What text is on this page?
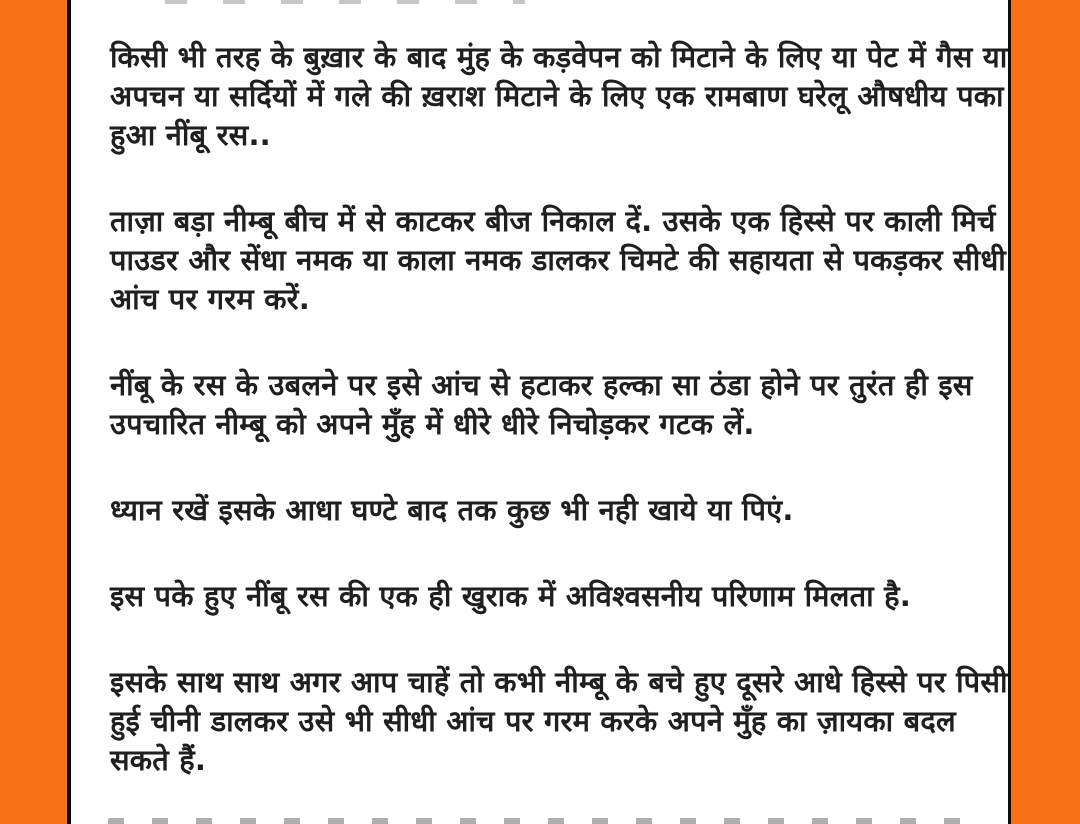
किसी भी तरह के बुख़ार के बाद मुंह के कड़वेपन को मिटाने के लिए या पेट में गैस या
अपचन या सर्दियों में गले की ख़राश मिटाने के लिए एक रामबाण घरेलू औषधीय पका
हुआ नींबू रस..
ताज़ा बड़ा नीम्बू बीच में से काटकर बीज निकाल दें. उसके एक हिस्से पर काली मिर्च
पाउडर और सेंधा नमक या काला नमक डालकर चिमटे की सहायता से पकड़कर सीधी
आंच पर गरम करें.
नींबू के रस के उबलने पर इसे आंच से हटाकर हल्का सा ठंडा होने पर तुरंत ही इस
उपचारित नीम्बू को अपने मुँह में धीरे धीरे निचोड़कर गटक लें.
ध्यान रखें इसके आधा घण्टे बाद तक कुछ भी नही खाये या पिएं.
इस पके हुए नींबू रस की एक ही खुराक में अविश्वसनीय परिणाम मिलता है.
इसके साथ साथ अगर आप चाहें तो कभी नीम्बू के बचे हुए दूसरे आधे हिस्से पर पिसी
हुई चीनी डालकर उसे भी सीधी आंच पर गरम करके अपने मुँह का ज़ायका बदल
सकते हैं.
